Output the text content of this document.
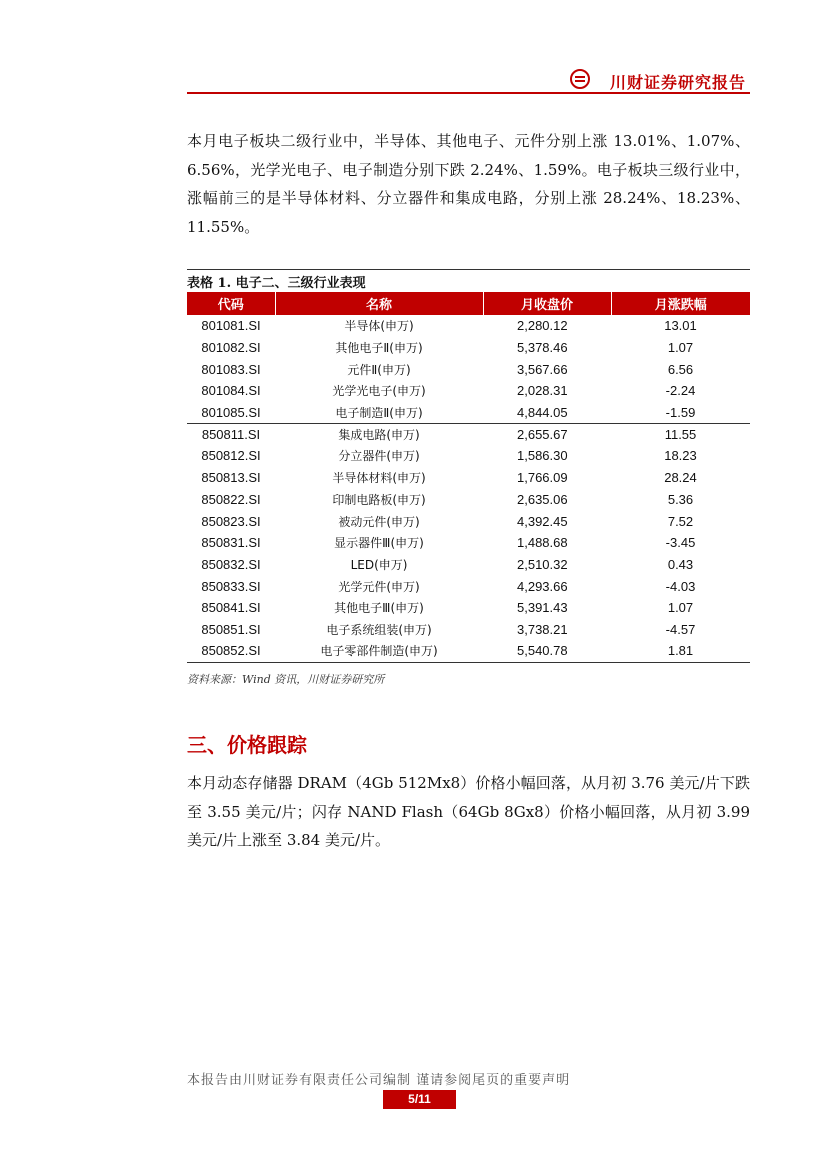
川财证券研究报告

本月电子板块二级行业中，半导体、其他电子、元件分别上涨 13.01%、1.07%、6.56%，光学光电子、电子制造分别下跌 2.24%、1.59%。电子板块三级行业中，涨幅前三的是半导体材料、分立器件和集成电路，分别上涨 28.24%、18.23%、11.55%。

表格 1. 电子二、三级行业表现
代码	名称	月收盘价	月涨跌幅
801081.SI	半导体(申万)	2,280.12	13.01
801082.SI	其他电子Ⅱ(申万)	5,378.46	1.07
801083.SI	元件Ⅱ(申万)	3,567.66	6.56
801084.SI	光学光电子(申万)	2,028.31	-2.24
801085.SI	电子制造Ⅱ(申万)	4,844.05	-1.59
850811.SI	集成电路(申万)	2,655.67	11.55
850812.SI	分立器件(申万)	1,586.30	18.23
850813.SI	半导体材料(申万)	1,766.09	28.24
850822.SI	印制电路板(申万)	2,635.06	5.36
850823.SI	被动元件(申万)	4,392.45	7.52
850831.SI	显示器件Ⅲ(申万)	1,488.68	-3.45
850832.SI	LED(申万)	2,510.32	0.43
850833.SI	光学元件(申万)	4,293.66	-4.03
850841.SI	其他电子Ⅲ(申万)	5,391.43	1.07
850851.SI	电子系统组装(申万)	3,738.21	-4.57
850852.SI	电子零部件制造(申万)	5,540.78	1.81
资料来源：Wind 资讯，川财证券研究所
三、价格跟踪

本月动态存储器 DRAM（4Gb 512Mx8）价格小幅回落，从月初 3.76 美元/片下跌至 3.55 美元/片；闪存 NAND Flash（64Gb 8Gx8）价格小幅回落，从月初 3.99 美元/片上涨至 3.84 美元/片。

本报告由川财证券有限责任公司编制 谨请参阅尾页的重要声明
5/11
